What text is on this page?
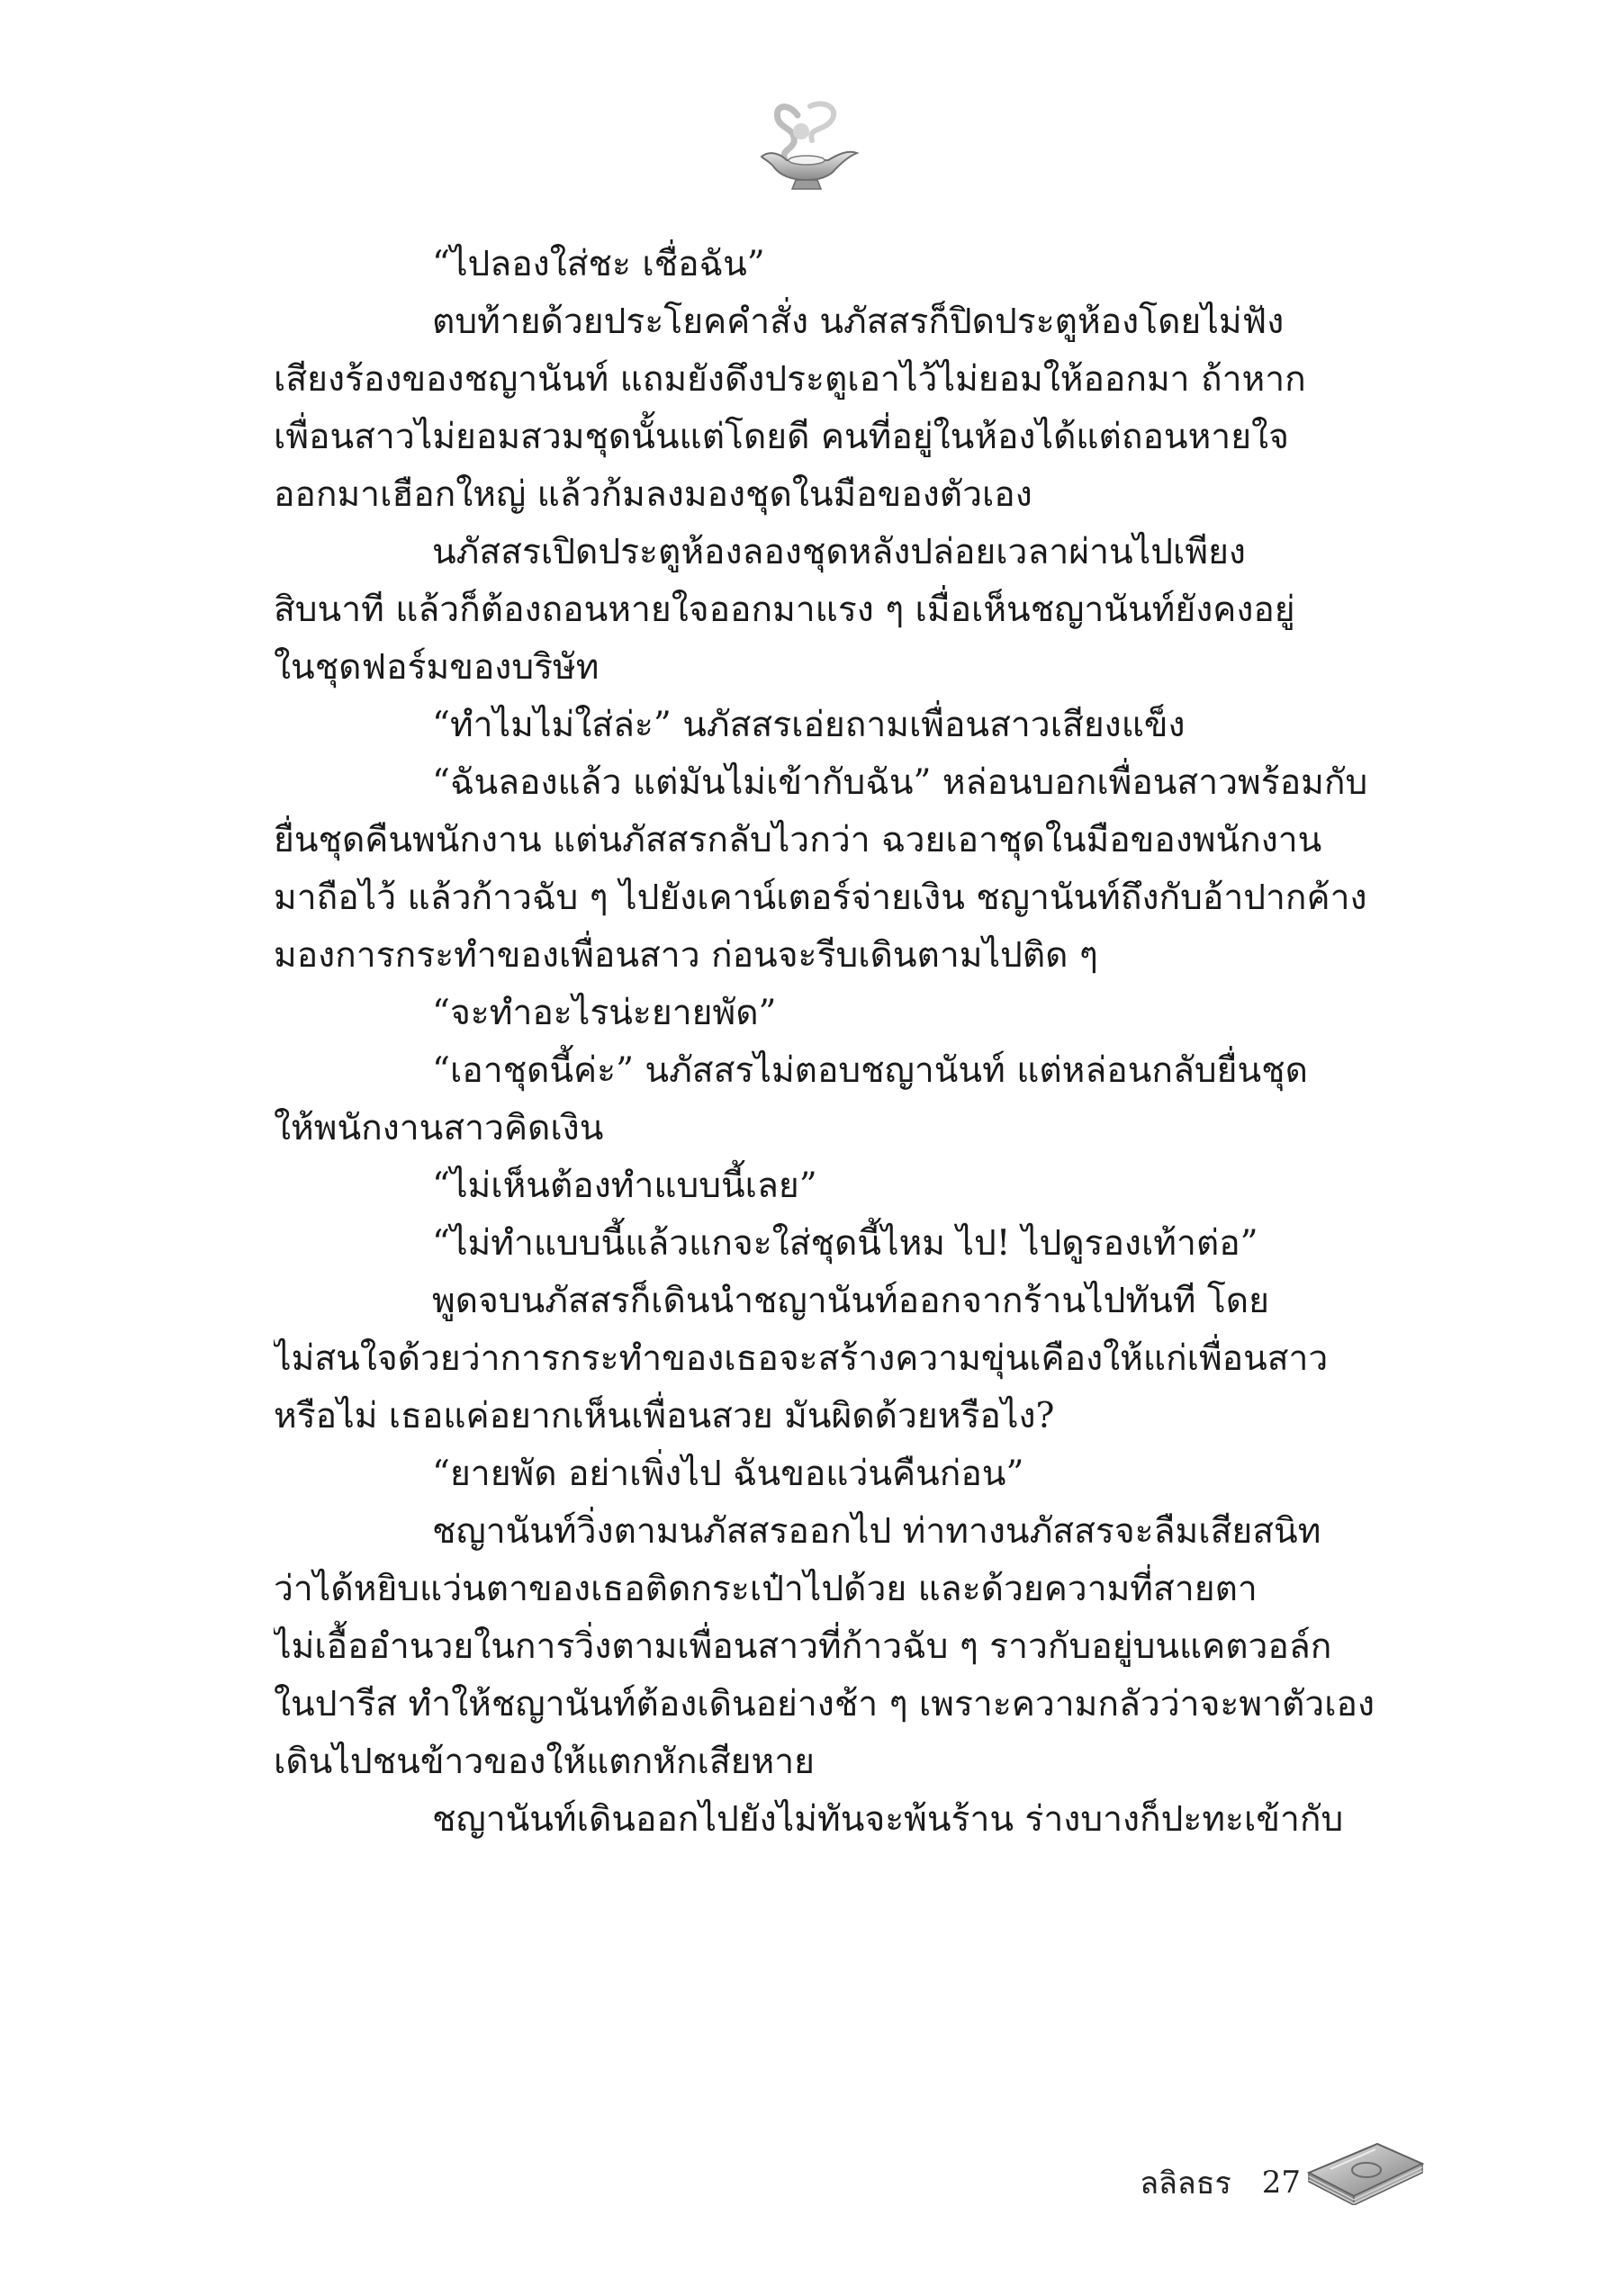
“ไปลองใส่ชะ เชื่อฉัน”
ตบท้ายด้วยประโยคคำสั่ง นภัสสรก็ปิดประตูห้องโดยไม่ฟัง
เสียงร้องของชญานันท์ แถมยังดึงประตูเอาไว้ไม่ยอมให้ออกมา ถ้าหาก
เพื่อนสาวไม่ยอมสวมชุดนั้นแต่โดยดี คนที่อยู่ในห้องได้แต่ถอนหายใจ
ออกมาเฮือกใหญ่ แล้วก้มลงมองชุดในมือของตัวเอง
นภัสสรเปิดประตูห้องลองชุดหลังปล่อยเวลาผ่านไปเพียง
สิบนาที แล้วก็ต้องถอนหายใจออกมาแรง ๆ เมื่อเห็นชญานันท์ยังคงอยู่
ในชุดฟอร์มของบริษัท
“ทำไมไม่ใส่ล่ะ” นภัสสรเอ่ยถามเพื่อนสาวเสียงแข็ง
“ฉันลองแล้ว แต่มันไม่เข้ากับฉัน” หล่อนบอกเพื่อนสาวพร้อมกับ
ยื่นชุดคืนพนักงาน แต่นภัสสรกลับไวกว่า ฉวยเอาชุดในมือของพนักงาน
มาถือไว้ แล้วก้าวฉับ ๆ ไปยังเคาน์เตอร์จ่ายเงิน ชญานันท์ถึงกับอ้าปากค้าง
มองการกระทำของเพื่อนสาว ก่อนจะรีบเดินตามไปติด ๆ
“จะทำอะไรน่ะยายพัด”
“เอาชุดนี้ค่ะ” นภัสสรไม่ตอบชญานันท์ แต่หล่อนกลับยื่นชุด
ให้พนักงานสาวคิดเงิน
“ไม่เห็นต้องทำแบบนี้เลย”
“ไม่ทำแบบนี้แล้วแกจะใส่ชุดนี้ไหม ไป! ไปดูรองเท้าต่อ”
พูดจบนภัสสรก็เดินนำชญานันท์ออกจากร้านไปทันที โดย
ไม่สนใจด้วยว่าการกระทำของเธอจะสร้างความขุ่นเคืองให้แก่เพื่อนสาว
หรือไม่ เธอแค่อยากเห็นเพื่อนสวย มันผิดด้วยหรือไง?
“ยายพัด อย่าเพิ่งไป ฉันขอแว่นคืนก่อน”
ชญานันท์วิ่งตามนภัสสรออกไป ท่าทางนภัสสรจะลืมเสียสนิท
ว่าได้หยิบแว่นตาของเธอติดกระเป๋าไปด้วย และด้วยความที่สายตา
ไม่เอื้ออำนวยในการวิ่งตามเพื่อนสาวที่ก้าวฉับ ๆ ราวกับอยู่บนแคตวอล์ก
ในปารีส ทำให้ชญานันท์ต้องเดินอย่างช้า ๆ เพราะความกลัวว่าจะพาตัวเอง
เดินไปชนข้าวของให้แตกหักเสียหาย
ชญานันท์เดินออกไปยังไม่ทันจะพ้นร้าน ร่างบางก็ปะทะเข้ากับ
ลลิลธร 27
